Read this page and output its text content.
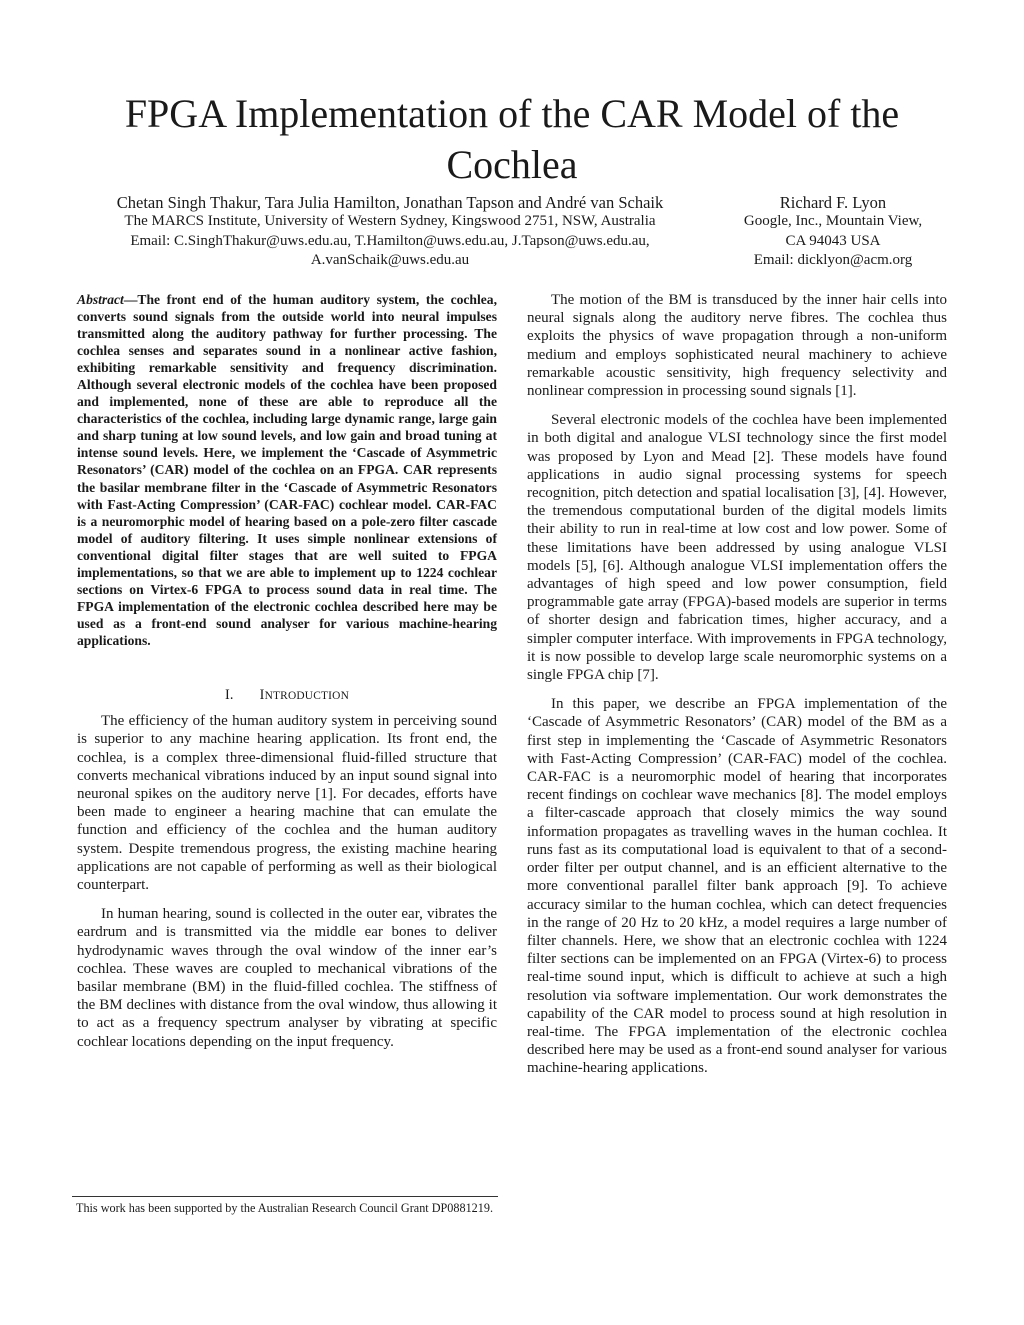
FPGA Implementation of the CAR Model of the
Cochlea
Chetan Singh Thakur, Tara Julia Hamilton, Jonathan Tapson and André van Schaik
The MARCS Institute, University of Western Sydney, Kingswood 2751, NSW, Australia
Email: C.SinghThakur@uws.edu.au, T.Hamilton@uws.edu.au, J.Tapson@uws.edu.au,
A.vanSchaik@uws.edu.au
Richard F. Lyon
Google, Inc., Mountain View,
CA 94043 USA
Email: dicklyon@acm.org

Abstract—The front end of the human auditory system, the cochlea, converts sound signals from the outside world into neural impulses transmitted along the auditory pathway for further processing. The cochlea senses and separates sound in a nonlinear active fashion, exhibiting remarkable sensitivity and frequency discrimination. Although several electronic models of the cochlea have been proposed and implemented, none of these are able to reproduce all the characteristics of the cochlea, including large dynamic range, large gain and sharp tuning at low sound levels, and low gain and broad tuning at intense sound levels. Here, we implement the ‘Cascade of Asymmetric Resonators’ (CAR) model of the cochlea on an FPGA. CAR represents the basilar membrane filter in the ‘Cascade of Asymmetric Resonators with Fast-Acting Compression’ (CAR-FAC) cochlear model. CAR-FAC is a neuromorphic model of hearing based on a pole-zero filter cascade model of auditory filtering. It uses simple nonlinear extensions of conventional digital filter stages that are well suited to FPGA implementations, so that we are able to implement up to 1224 cochlear sections on Virtex-6 FPGA to process sound data in real time. The FPGA implementation of the electronic cochlea described here may be used as a front-end sound analyser for various machine-hearing applications.

I. INTRODUCTION

The efficiency of the human auditory system in perceiving sound is superior to any machine hearing application. Its front end, the cochlea, is a complex three-dimensional fluid-filled structure that converts mechanical vibrations induced by an input sound signal into neuronal spikes on the auditory nerve [1]. For decades, efforts have been made to engineer a hearing machine that can emulate the function and efficiency of the cochlea and the human auditory system. Despite tremendous progress, the existing machine hearing applications are not capable of performing as well as their biological counterpart.

In human hearing, sound is collected in the outer ear, vibrates the eardrum and is transmitted via the middle ear bones to deliver hydrodynamic waves through the oval window of the inner ear’s cochlea. These waves are coupled to mechanical vibrations of the basilar membrane (BM) in the fluid-filled cochlea. The stiffness of the BM declines with distance from the oval window, thus allowing it to act as a frequency spectrum analyser by vibrating at specific cochlear locations depending on the input frequency.

The motion of the BM is transduced by the inner hair cells into neural signals along the auditory nerve fibres. The cochlea thus exploits the physics of wave propagation through a non-uniform medium and employs sophisticated neural machinery to achieve remarkable acoustic sensitivity, high frequency selectivity and nonlinear compression in processing sound signals [1].

Several electronic models of the cochlea have been implemented in both digital and analogue VLSI technology since the first model was proposed by Lyon and Mead [2]. These models have found applications in audio signal processing systems for speech recognition, pitch detection and spatial localisation [3], [4]. However, the tremendous computational burden of the digital models limits their ability to run in real-time at low cost and low power. Some of these limitations have been addressed by using analogue VLSI models [5], [6]. Although analogue VLSI implementation offers the advantages of high speed and low power consumption, field programmable gate array (FPGA)-based models are superior in terms of shorter design and fabrication times, higher accuracy, and a simpler computer interface. With improvements in FPGA technology, it is now possible to develop large scale neuromorphic systems on a single FPGA chip [7].

In this paper, we describe an FPGA implementation of the ‘Cascade of Asymmetric Resonators’ (CAR) model of the BM as a first step in implementing the ‘Cascade of Asymmetric Resonators with Fast-Acting Compression’ (CAR-FAC) model of the cochlea. CAR-FAC is a neuromorphic model of hearing that incorporates recent findings on cochlear wave mechanics [8]. The model employs a filter-cascade approach that closely mimics the way sound information propagates as travelling waves in the human cochlea. It runs fast as its computational load is equivalent to that of a second-order filter per output channel, and is an efficient alternative to the more conventional parallel filter bank approach [9]. To achieve accuracy similar to the human cochlea, which can detect frequencies in the range of 20 Hz to 20 kHz, a model requires a large number of filter channels. Here, we show that an electronic cochlea with 1224 filter sections can be implemented on an FPGA (Virtex-6) to process real-time sound input, which is difficult to achieve at such a high resolution via software implementation. Our work demonstrates the capability of the CAR model to process sound at high resolution in real-time. The FPGA implementation of the electronic cochlea described here may be used as a front-end sound analyser for various machine-hearing applications.

This work has been supported by the Australian Research Council Grant DP0881219.
